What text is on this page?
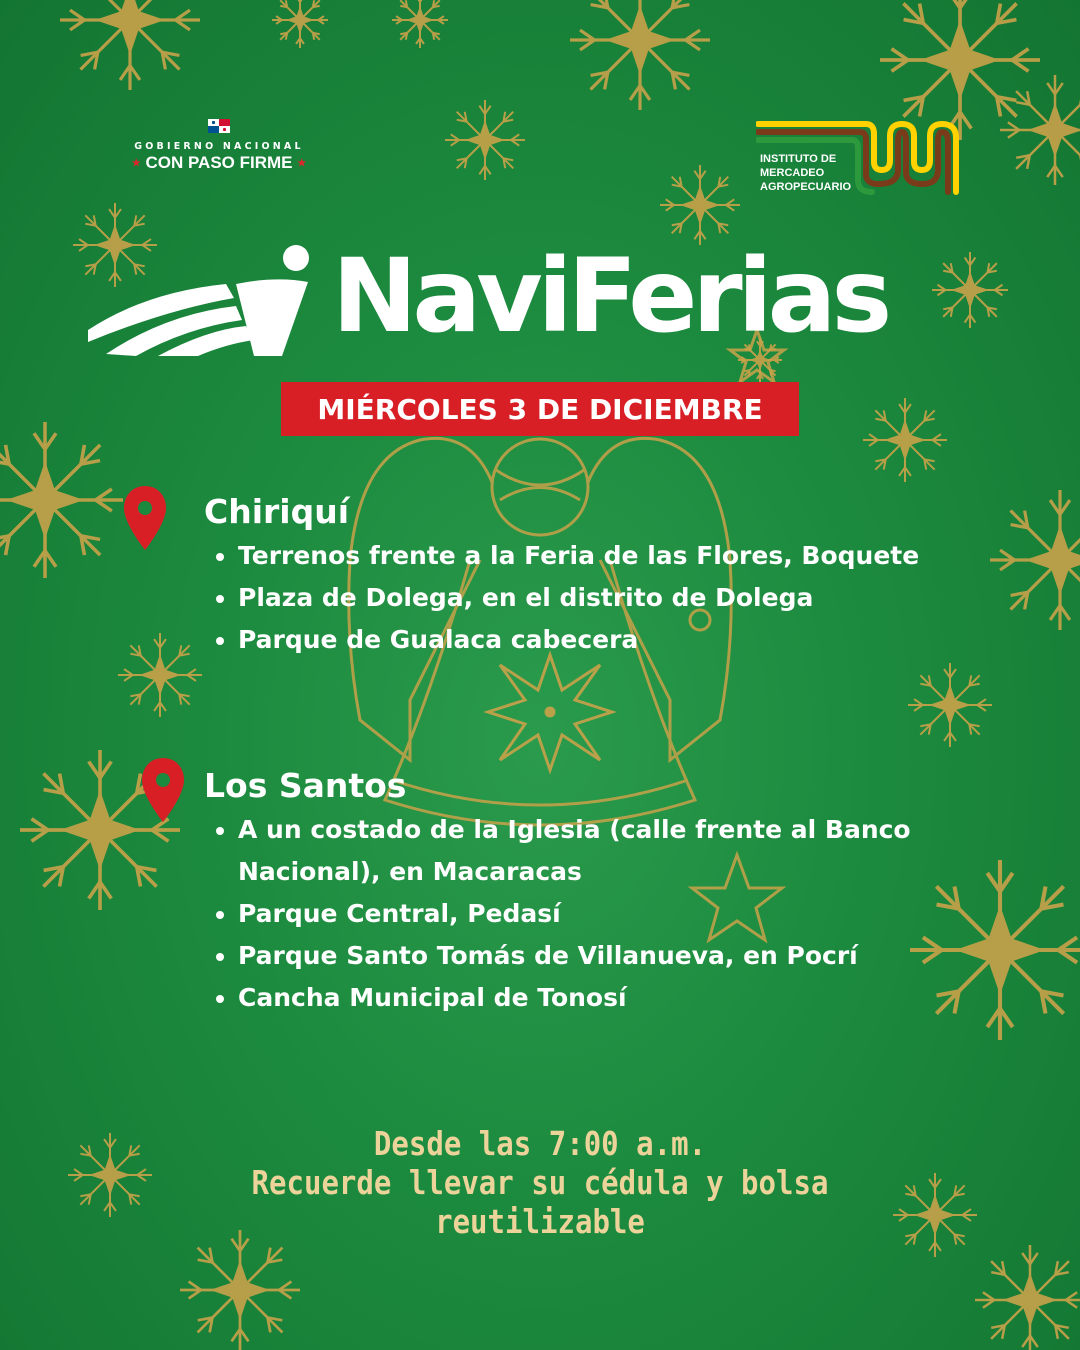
GOBIERNO NACIONAL
★ CON PASO FIRME ★	INSTITUTO DE
MERCADEO
AGROPECUARIO
NaviFerias
MIÉRCOLES 3 DE DICIEMBRE
Chiriquí
• Terrenos frente a la Feria de las Flores, Boquete
• Plaza de Dolega, en el distrito de Dolega
• Parque de Gualaca cabecera
Los Santos
• A un costado de la Iglesia (calle frente al Banco Nacional), en Macaracas
• Parque Central, Pedasí
• Parque Santo Tomás de Villanueva, en Pocrí
• Cancha Municipal de Tonosí
Desde las 7:00 a.m.
Recuerde llevar su cédula y bolsa
reutilizable
